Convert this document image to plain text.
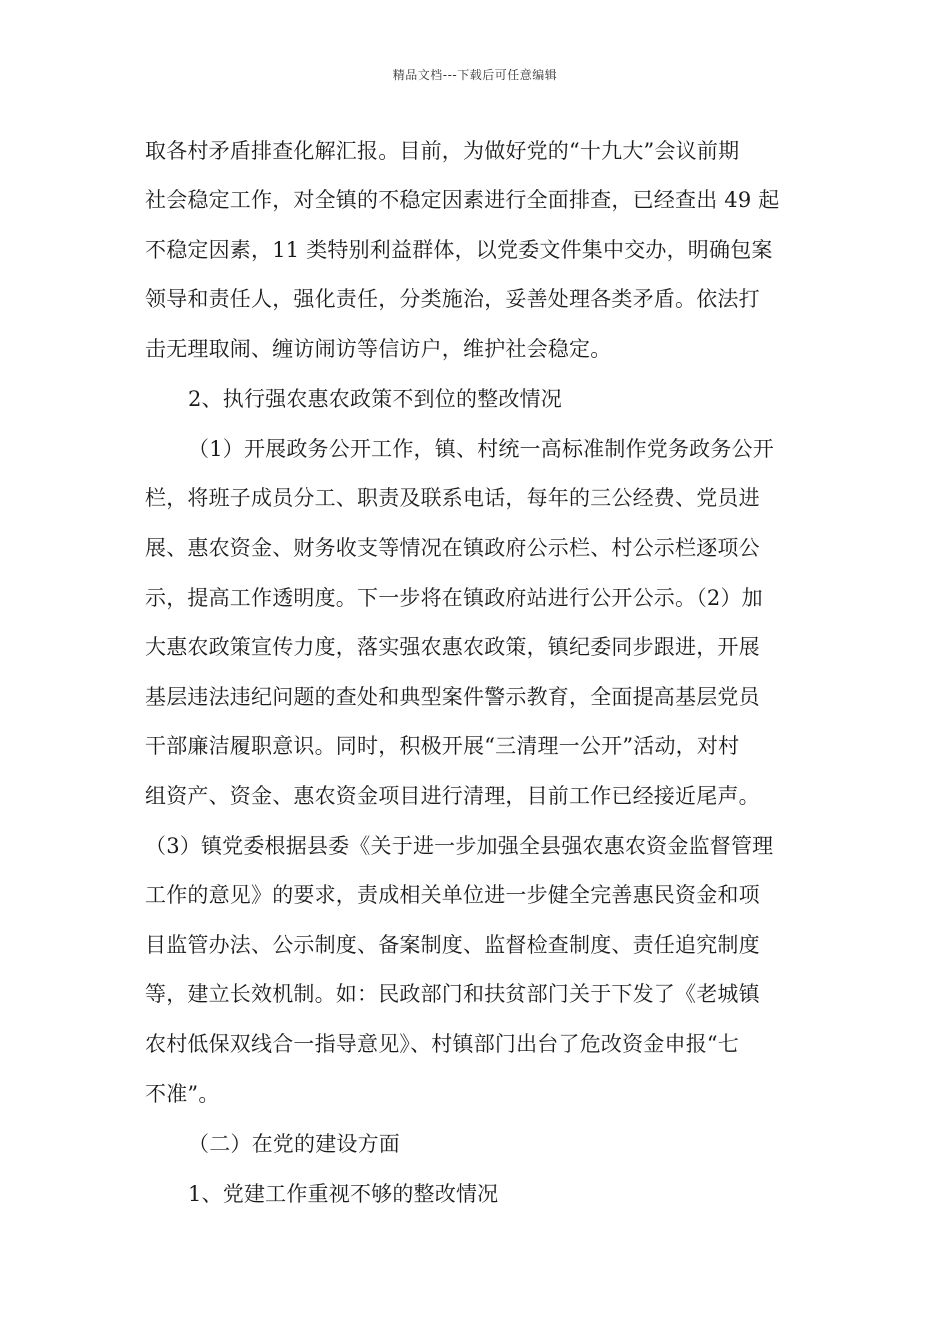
精品文档---下载后可任意编辑
取各村矛盾排查化解汇报。目前，为做好党的“十九大”会议前期
社会稳定工作，对全镇的不稳定因素进行全面排查，已经查出 49 起
不稳定因素，11 类特别利益群体，以党委文件集中交办，明确包案
领导和责任人，强化责任，分类施治，妥善处理各类矛盾。依法打
击无理取闹、缠访闹访等信访户，维护社会稳定。
2、执行强农惠农政策不到位的整改情况
（1）开展政务公开工作，镇、村统一高标准制作党务政务公开
栏，将班子成员分工、职责及联系电话，每年的三公经费、党员进
展、惠农资金、财务收支等情况在镇政府公示栏、村公示栏逐项公
示，提高工作透明度。下一步将在镇政府站进行公开公示。（2）加
大惠农政策宣传力度，落实强农惠农政策，镇纪委同步跟进，开展
基层违法违纪问题的查处和典型案件警示教育，全面提高基层党员
干部廉洁履职意识。同时，积极开展“三清理一公开”活动，对村
组资产、资金、惠农资金项目进行清理，目前工作已经接近尾声。
（3）镇党委根据县委《关于进一步加强全县强农惠农资金监督管理
工作的意见》的要求，责成相关单位进一步健全完善惠民资金和项
目监管办法、公示制度、备案制度、监督检查制度、责任追究制度
等，建立长效机制。如：民政部门和扶贫部门关于下发了《老城镇
农村低保双线合一指导意见》、村镇部门出台了危改资金申报“七
不准”。
（二）在党的建设方面
1、党建工作重视不够的整改情况
